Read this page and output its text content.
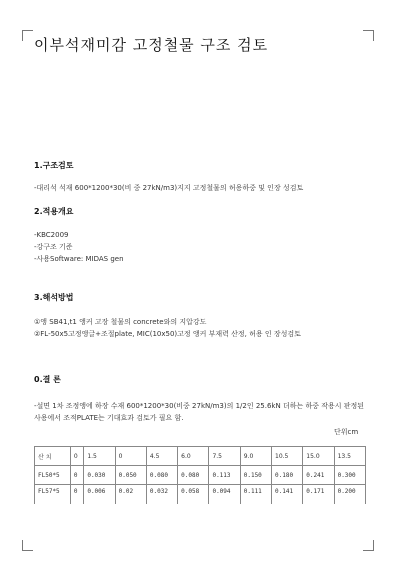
이부석재미감 고정철물 구조 검토
1.구조검토
-대리석 석재 600*1200*30(비 중 27kN/m3)지지 고정철물의 허용하중 및 인장 성검토
2.적용개요
-KBC2009
-강구조 기준
-사용Software: MIDAS gen
3.해석방법
①앵 SB41,t1 앵커 고장 철물의 concrete와의 지압강도
②FL-50x5고정앵글+조절plate, MIC(10x50)고정 앵커 부재력 산정, 허용 인 장성검토
0.결 론
-설면 1차 조정앵에 하장 수재 600*1200*30(비중 27kN/m3)의 1/2인 25.6kN 더하는 하중 작용시 판정된 사용에서 조적PLATE는 기대효과 검토가 필요 함.
단위cm
산 치	0	1.5	0	4.5	6.0	7.5	9.0	10.5	15.0	13.5
FL50*5	0	0.030	0.050	0.080	0.080	0.113	0.150	0.180	0.241	0.300
FL57*5	0	0.006	0.02	0.032	0.058	0.094	0.111	0.141	0.171	0.200
